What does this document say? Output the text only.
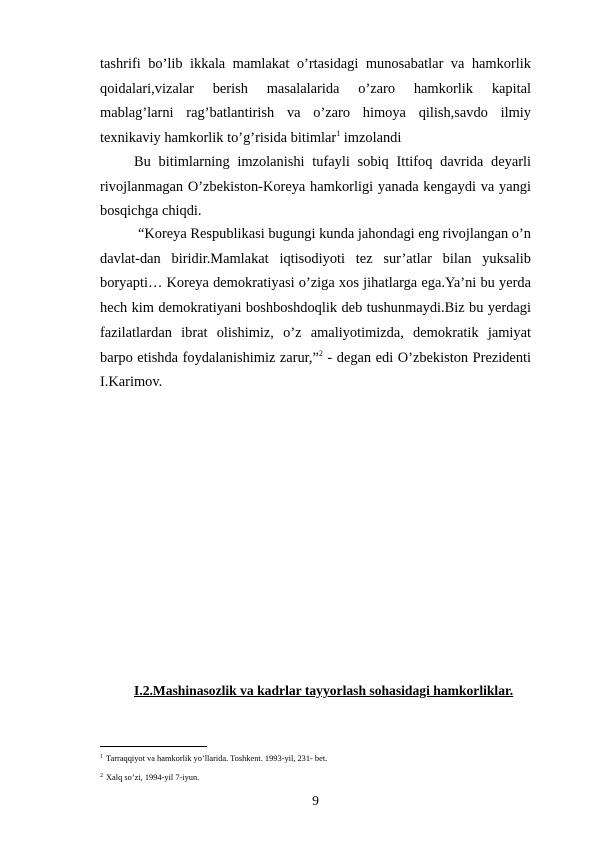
tashrifi bo’lib ikkala mamlakat o’rtasidagi munosabatlar va hamkorlik qoidalari,vizalar berish masalalarida o’zaro hamkorlik kapital mablag’larni rag’batlantirish va o’zaro himoya qilish,savdo ilmiy texnikaviy hamkorlik to’g’risida bitimlar$^1$ imzolandi

Bu bitimlarning imzolanishi tufayli sobiq Ittifoq davrida deyarli rivojlanmagan O’zbekiston-Koreya hamkorligi yanada kengaydi va yangi bosqichga chiqdi.

“Koreya Respublikasi bugungi kunda jahondagi eng rivojlangan o’n davlat-dan biridir.Mamlakat iqtisodiyoti tez sur’atlar bilan yuksalib boryapti… Koreya demokratiyasi o’ziga xos jihatlarga ega.Ya’ni bu yerda hech kim demokratiyani boshboshdoqlik deb tushunmaydi.Biz bu yerdagi fazilatlardan ibrat olishimiz, o’z amaliyotimizda, demokratik jamiyat barpo etishda foydalanishimiz zarur,”$^2$ - degan edi O’zbekiston Prezidenti I.Karimov.

I.2.Mashinasozlik va kadrlar tayyorlash sohasidagi hamkorliklar.
$^1$ Tarraqqiyot va hamkorlik yo’llarida. Toshkent. 1993-yil, 231- bet.
$^2$ Xalq so’zi, 1994-yil 7-iyun.
9
